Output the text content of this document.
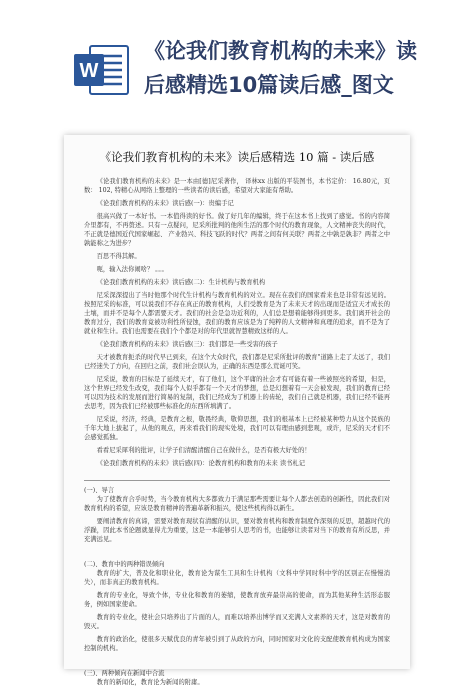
W
《论我们教育机构的未来》读
后感精选10篇读后感_图文
《论我们教育机构的未来》读后感精选 10 篇 - 读后感

《论我们教育机构的未来》是一本由[德]尼采著作， 译林xx 出版的平装图书，本书定价： 16.80元，页数： 102, 特精心从网络上整理的一些读者的读后感，希望对大家能有帮助。

《论我们教育机构的未来》读后感(一)：贵编手记

很高兴做了一本好书。一本值得读的好书。做了好几年的编辑，终于在这本书上找到了感觉。书的内容简介里都有，不再赘述。只有一点疑问，尼采所批判的他所生活的那个时代的教育现象，人文精神丧失的时代，不正就是德国近代国家崛起、 产业勃兴、科技飞跃的时代？两者之间有何关联？两者之中孰是孰非？两者之中孰能称之为进步？

百思不得其解。

呃，输入法你闹啥？ 。。。

《论我们教育机构的未来》读后感(二)：生计机构与教育机构

尼采深深提出了当时他那个时代生计机构与教育机构的对立。现在在我们的国家看来也是非常有远见的。按照尼采的标准，可以说我们不存在真正的教育机构，人们受教育是为了未来天才的出现而是适宜天才成长的土壤，而并不是每个人都需要天才。我们的社会是急功近利的，人们总是想着能够得到更多。我们离开社会的教育过分，我们的教育竟被功利性所侵蚀，我们的教育应该是为了纯粹的人文精神和真理的追求，而不是为了就业和生计。我们也需要在我们个个都是对的年代里就智慧精致这样的人。

《论我们教育机构的未来》读后感(三)：我们都是一些受害的孩子

天才被教育扼杀的时代早已到来，在这个大众时代，我们都是尼采所批评的教育"道路上走了太远了，我们已经迷失了方向，在回归之前，我们社会误认为，正确的东西是那么荒诞可笑。

尼采说，教育的目标是了延续天才，有了他们，这个平庸的社会才有可能有着一些被照亮的希望，但是，这个世界已经发生改变，我们每个人似乎都有一个天才的梦想，总是幻想着有一天会被发现，我们的教育已经可以因为技术的发展而进行简易的复制，我们已经成为了机器上的齿轮，我们自己就是机器，我们已经不能再去思考，因为我们已经被那些标准化的东西所填满了。

尼采说，经济，经典，是教育之根，敬畏经典，敬仰思想，我们的根基本上已经被某种势力从这个民族的千年大地上拔起了，从他的观点，再来看我们的现实处境，我们可以有理由感到悲观，或许，尼采的天才们不会感觉孤独。

看看尼采犀利的批评，让学子们清醒清醒自己在做什么，是否有极大好处的！

《论我们教育机构的未来》读后感(四)：论教育机构和教育的未来 读书札记

(一)、导言

为了使教育合乎时势，当今教育机构大多都致力于满足那些需要让每个人都去创造的创新性，因此我们对教育机构的希望，应该是教育精神的普遍革新和振兴，使这些机构得以新生。

要阐清教育的真谛，需要对教育现状有清醒的认识，要对教育机构和教育制度作深刻的反思，超越时代的浮躁，因此本书论题就显得尤为重要，这是一本能够引人思考的书，也能够让读者对当下的教育有所反思，并充满远见。

(二)、教育中的两种错误倾向

教育的扩大，普及化和职业化，教育论为谋生工具和生计机构（文科中学同时科中学的区别正在慢慢消失），而非真正的教育机构。

教育的专业化，导致个体，专业化和教育的萎缩，使教育放弃最崇高的使命，而为其他某种生活形态服务，例如国家使命。

教育的专业化，使社会只培养出了片面的人，而难以培养出博学而又充满人文素养的天才，这是对教育的毁灭。

教育的政治化，使很多天赋优良的青年被引到了从政的方向，同时国家对文化的支配使教育机构成为国家控制的机构。

(三)、两种倾向在新闻中合流

教育的新闻化，教育论为新闻的附庸。
